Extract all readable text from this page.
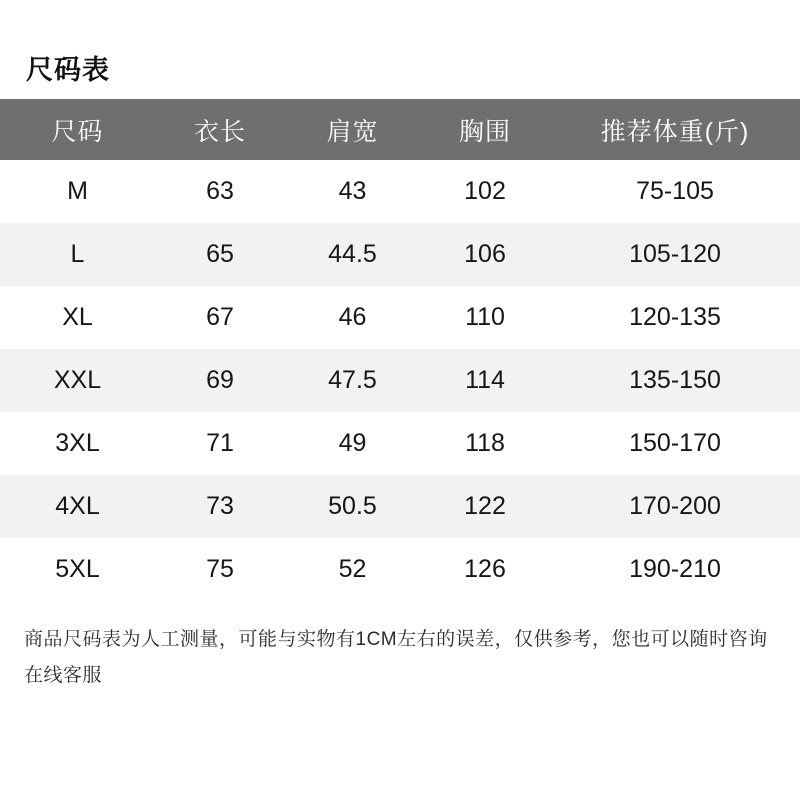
尺码表
尺码	衣长	肩宽	胸围	推荐体重(斤)
M	63	43	102	75-105
L	65	44.5	106	105-120
XL	67	46	110	120-135
XXL	69	47.5	114	135-150
3XL	71	49	118	150-170
4XL	73	50.5	122	170-200
5XL	75	52	126	190-210
商品尺码表为人工测量，可能与实物有1CM左右的误差，仅供参考，您也可以随时咨询在线客服
